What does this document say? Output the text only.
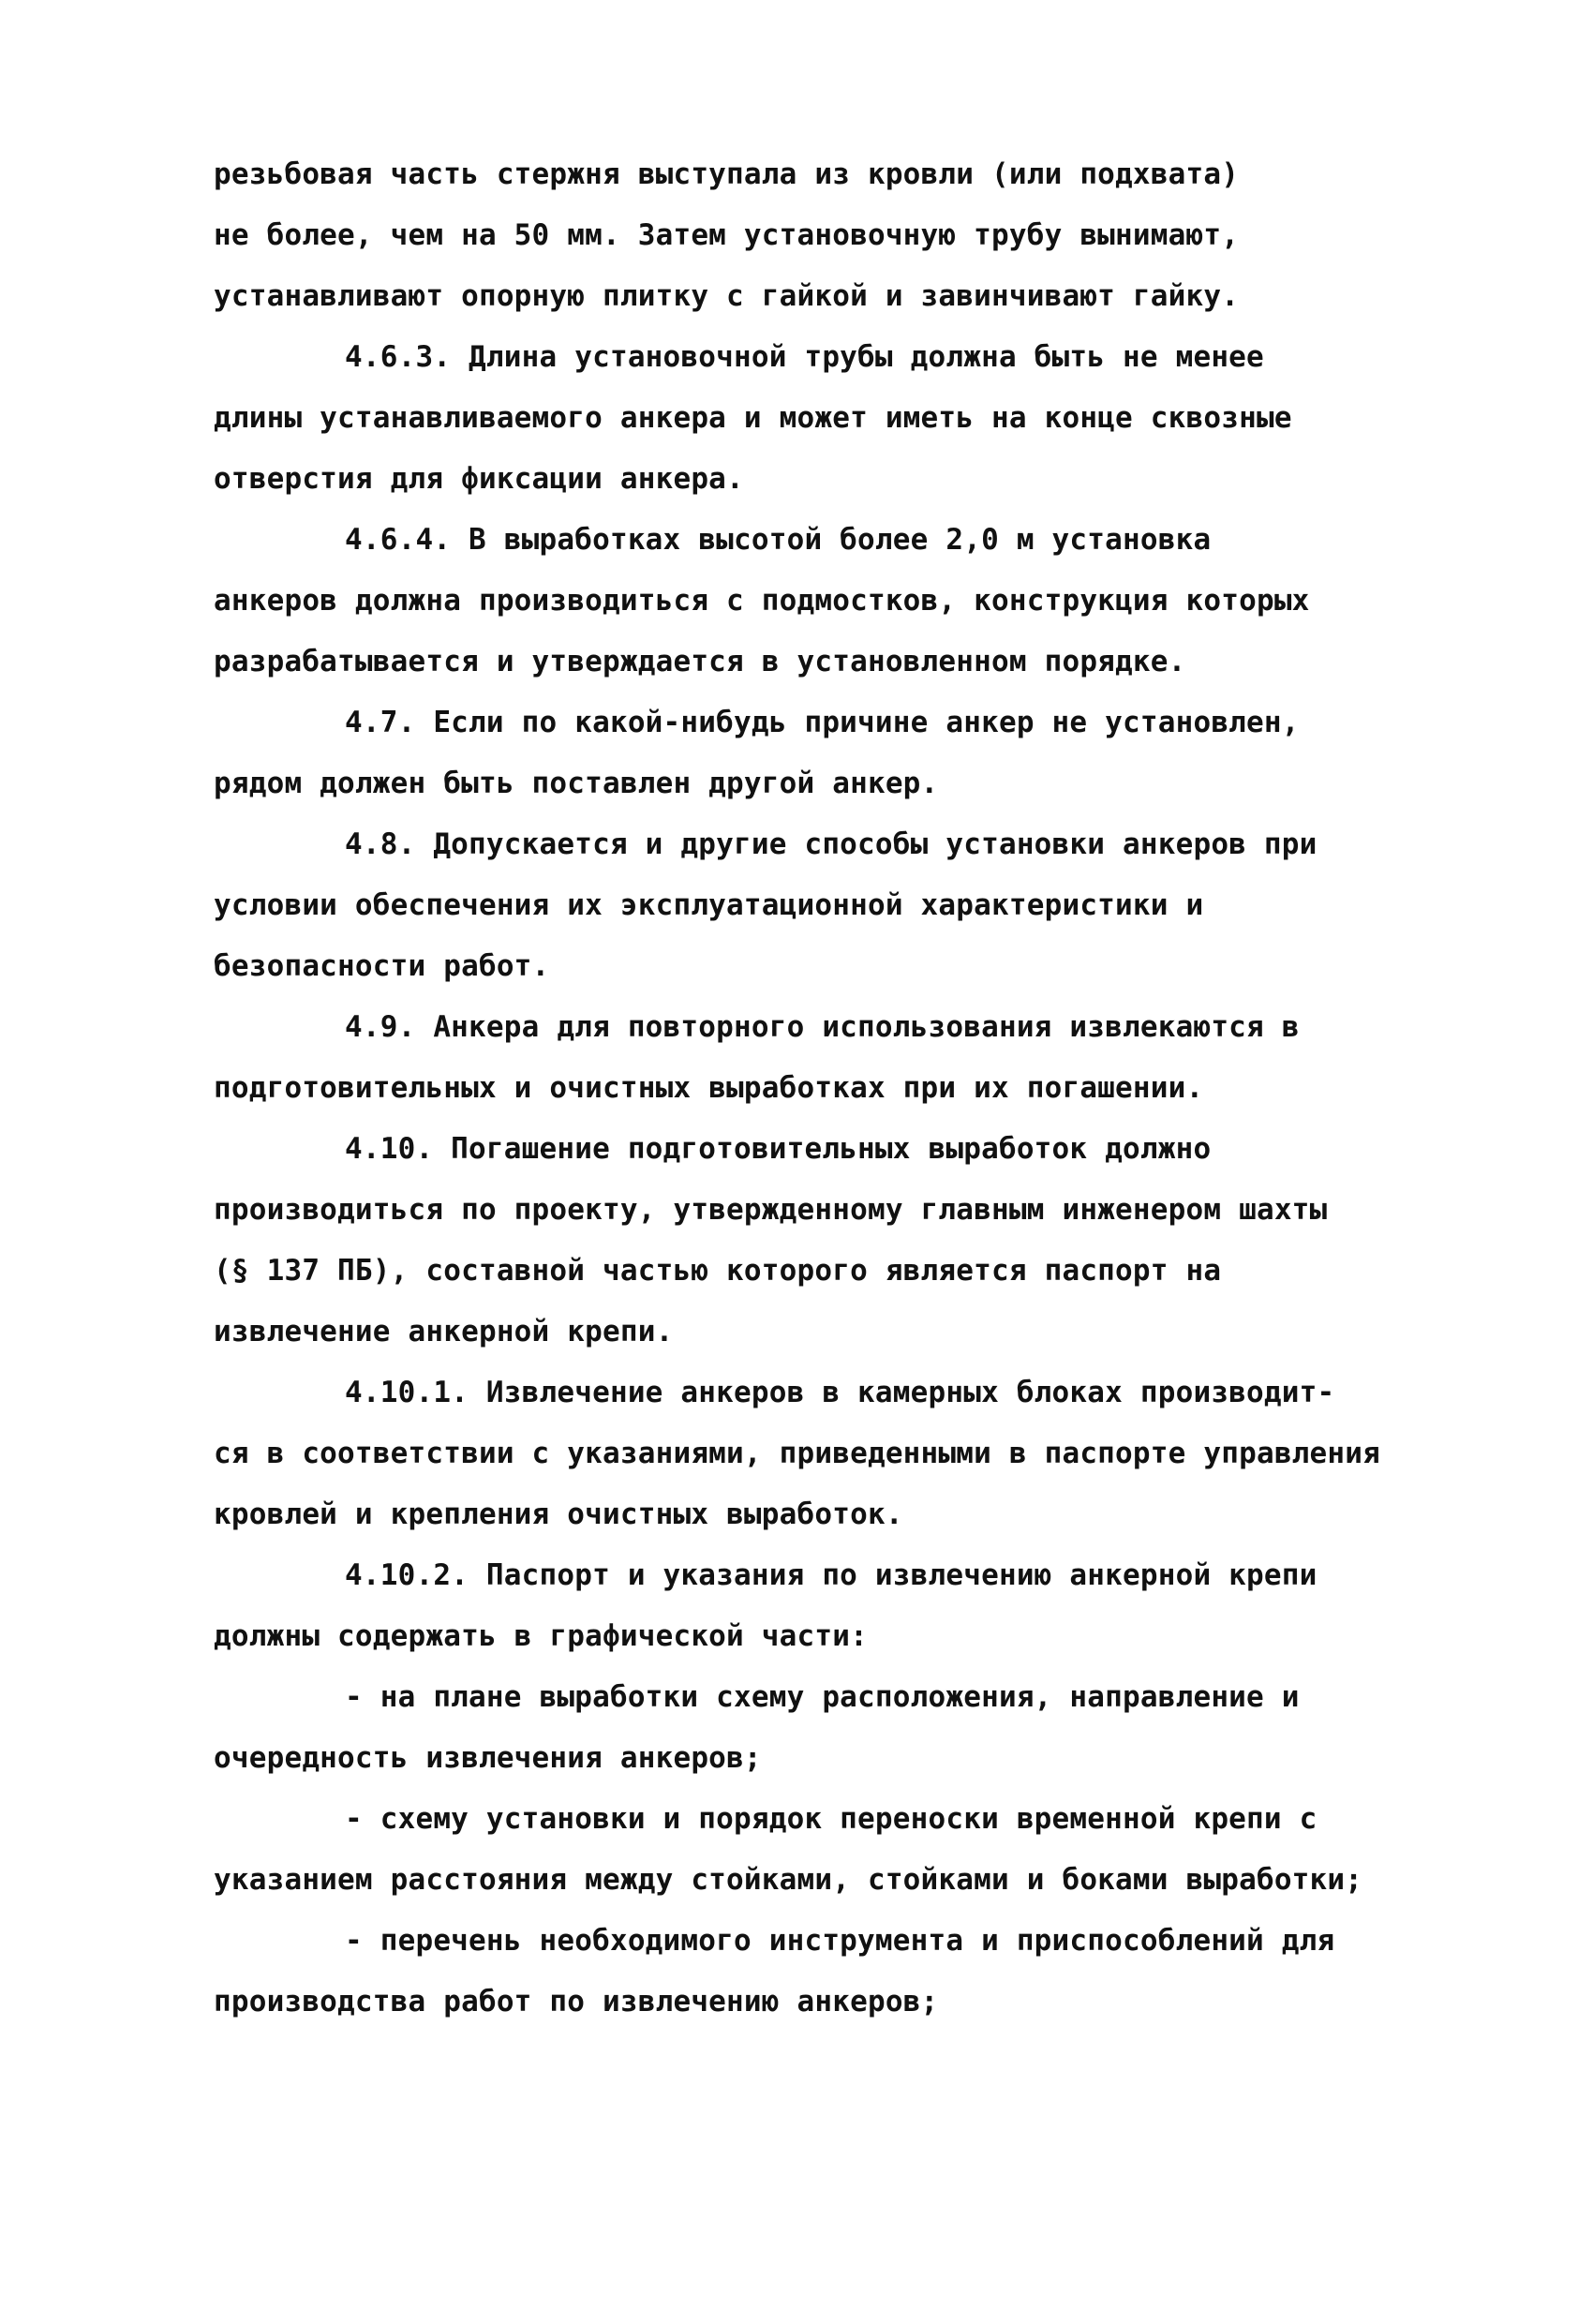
резьбовая часть стержня выступала из кровли (или подхвата)
не более, чем на 50 мм. Затем установочную трубу вынимают,
устанавливают опорную плитку с гайкой и завинчивают гайку.
4.6.3. Длина установочной трубы должна быть не менее
длины устанавливаемого анкера и может иметь на конце сквозные
отверстия для фиксации анкера.
4.6.4. В выработках высотой более 2,0 м установка
анкеров должна производиться с подмостков, конструкция которых
разрабатывается и утверждается в установленном порядке.
4.7. Если по какой-нибудь причине анкер не установлен,
рядом должен быть поставлен другой анкер.
4.8. Допускается и другие способы установки анкеров при
условии обеспечения их эксплуатационной характеристики и
безопасности работ.
4.9. Анкера для повторного использования извлекаются в
подготовительных и очистных выработках при их погашении.
4.10. Погашение подготовительных выработок должно
производиться по проекту, утвержденному главным инженером шахты
(§ 137 ПБ), составной частью которого является паспорт на
извлечение анкерной крепи.
4.10.1. Извлечение анкеров в камерных блоках производит-
ся в соответствии с указаниями, приведенными в паспорте управления
кровлей и крепления очистных выработок.
4.10.2. Паспорт и указания по извлечению анкерной крепи
должны содержать в графической части:
- на плане выработки схему расположения, направление и
очередность извлечения анкеров;
- схему установки и порядок переноски временной крепи с
указанием расстояния между стойками, стойками и боками выработки;
- перечень необходимого инструмента и приспособлений для
производства работ по извлечению анкеров;
